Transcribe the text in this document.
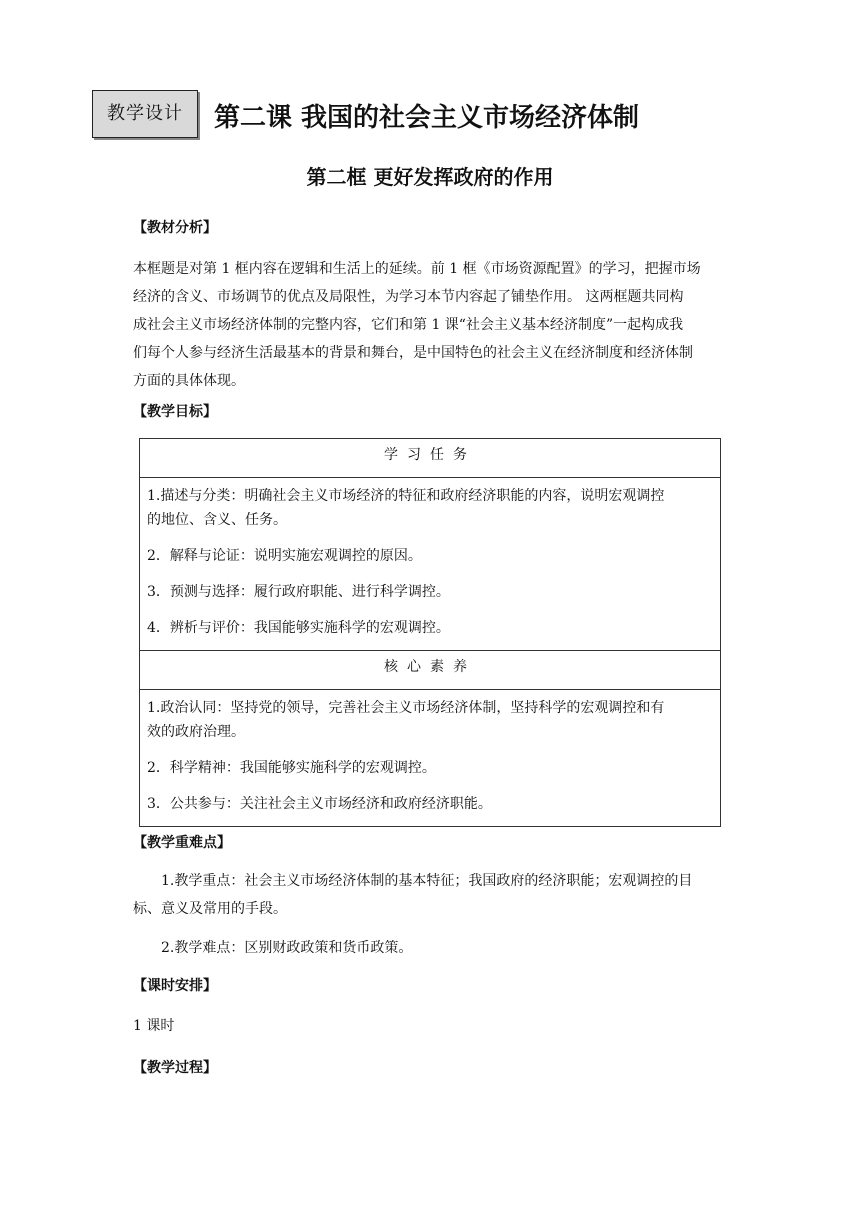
教学设计	第二课 我国的社会主义市场经济体制
第二框 更好发挥政府的作用
【教材分析】
本框题是对第 1 框内容在逻辑和生活上的延续。前 1 框《市场资源配置》的学习，把握市场
经济的含义、市场调节的优点及局限性，为学习本节内容起了铺垫作用。 这两框题共同构
成社会主义市场经济体制的完整内容，它们和第 1 课“社会主义基本经济制度”一起构成我
们每个人参与经济生活最基本的背景和舞台，是中国特色的社会主义在经济制度和经济体制
方面的具体体现。
【教学目标】
学习任务

1.描述与分类：明确社会主义市场经济的特征和政府经济职能的内容，说明宏观调控
的地位、含义、任务。
2．解释与论证：说明实施宏观调控的原因。
3．预测与选择：履行政府职能、进行科学调控。
4．辨析与评价：我国能够实施科学的宏观调控。

核心素养

1.政治认同：坚持党的领导，完善社会主义市场经济体制，坚持科学的宏观调控和有
效的政府治理。
2．科学精神：我国能够实施科学的宏观调控。
3．公共参与：关注社会主义市场经济和政府经济职能。
【教学重难点】
1.教学重点：社会主义市场经济体制的基本特征；我国政府的经济职能；宏观调控的目
标、意义及常用的手段。
2.教学难点：区别财政政策和货币政策。
【课时安排】
1 课时
【教学过程】
